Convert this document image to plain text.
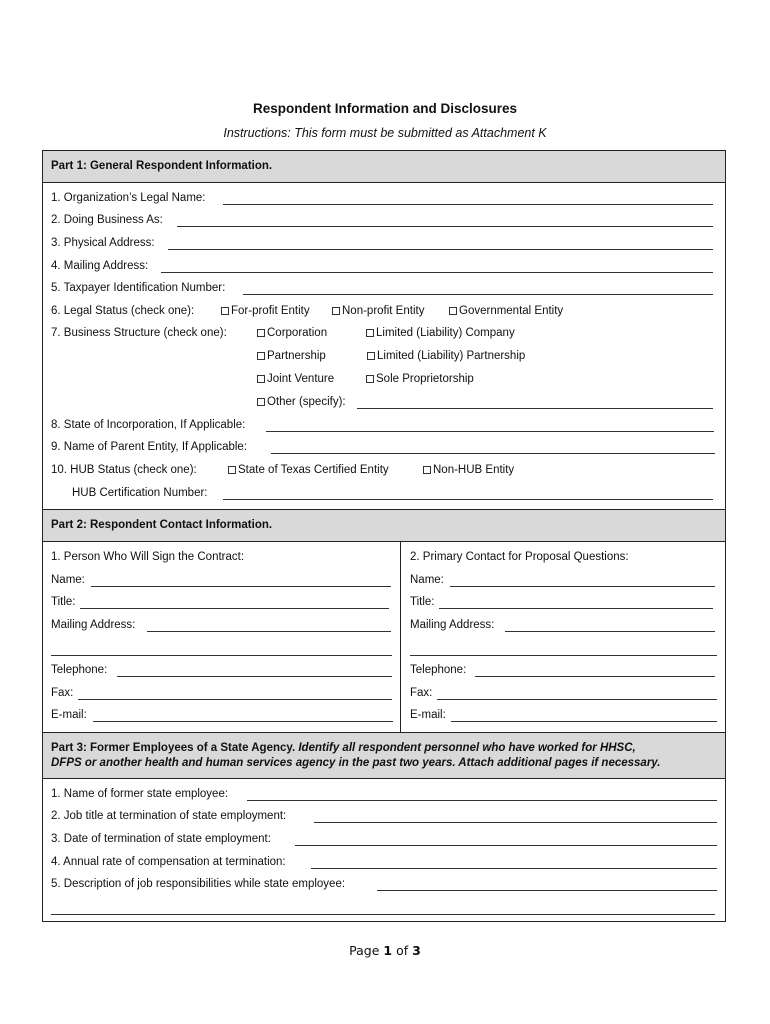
Respondent Information and Disclosures
Instructions: This form must be submitted as Attachment K
Part 1: General Respondent Information.
1. Organization’s Legal Name:
2. Doing Business As:
3. Physical Address:
4. Mailing Address:
5. Taxpayer Identification Number:
6. Legal Status (check one):	For-profit Entity	Non-profit Entity	Governmental Entity
7. Business Structure (check one):	Corporation	Limited (Liability) Company
Partnership	Limited (Liability) Partnership
Joint Venture	Sole Proprietorship
Other (specify):
8. State of Incorporation, If Applicable:
9. Name of Parent Entity, If Applicable:
10. HUB Status (check one):	State of Texas Certified Entity	Non-HUB Entity
HUB Certification Number:
Part 2: Respondent Contact Information.
1. Person Who Will Sign the Contract:
Name:
Title:
Mailing Address:
Telephone:
Fax:
E-mail:
2. Primary Contact for Proposal Questions:
Name:
Title:
Mailing Address:
Telephone:
Fax:
E-mail:
Part 3: Former Employees of a State Agency. Identify all respondent personnel who have worked for HHSC,
DFPS or another health and human services agency in the past two years. Attach additional pages if necessary.
1. Name of former state employee:
2. Job title at termination of state employment:
3. Date of termination of state employment:
4. Annual rate of compensation at termination:
5. Description of job responsibilities while state employee:
Page 1 of 3
